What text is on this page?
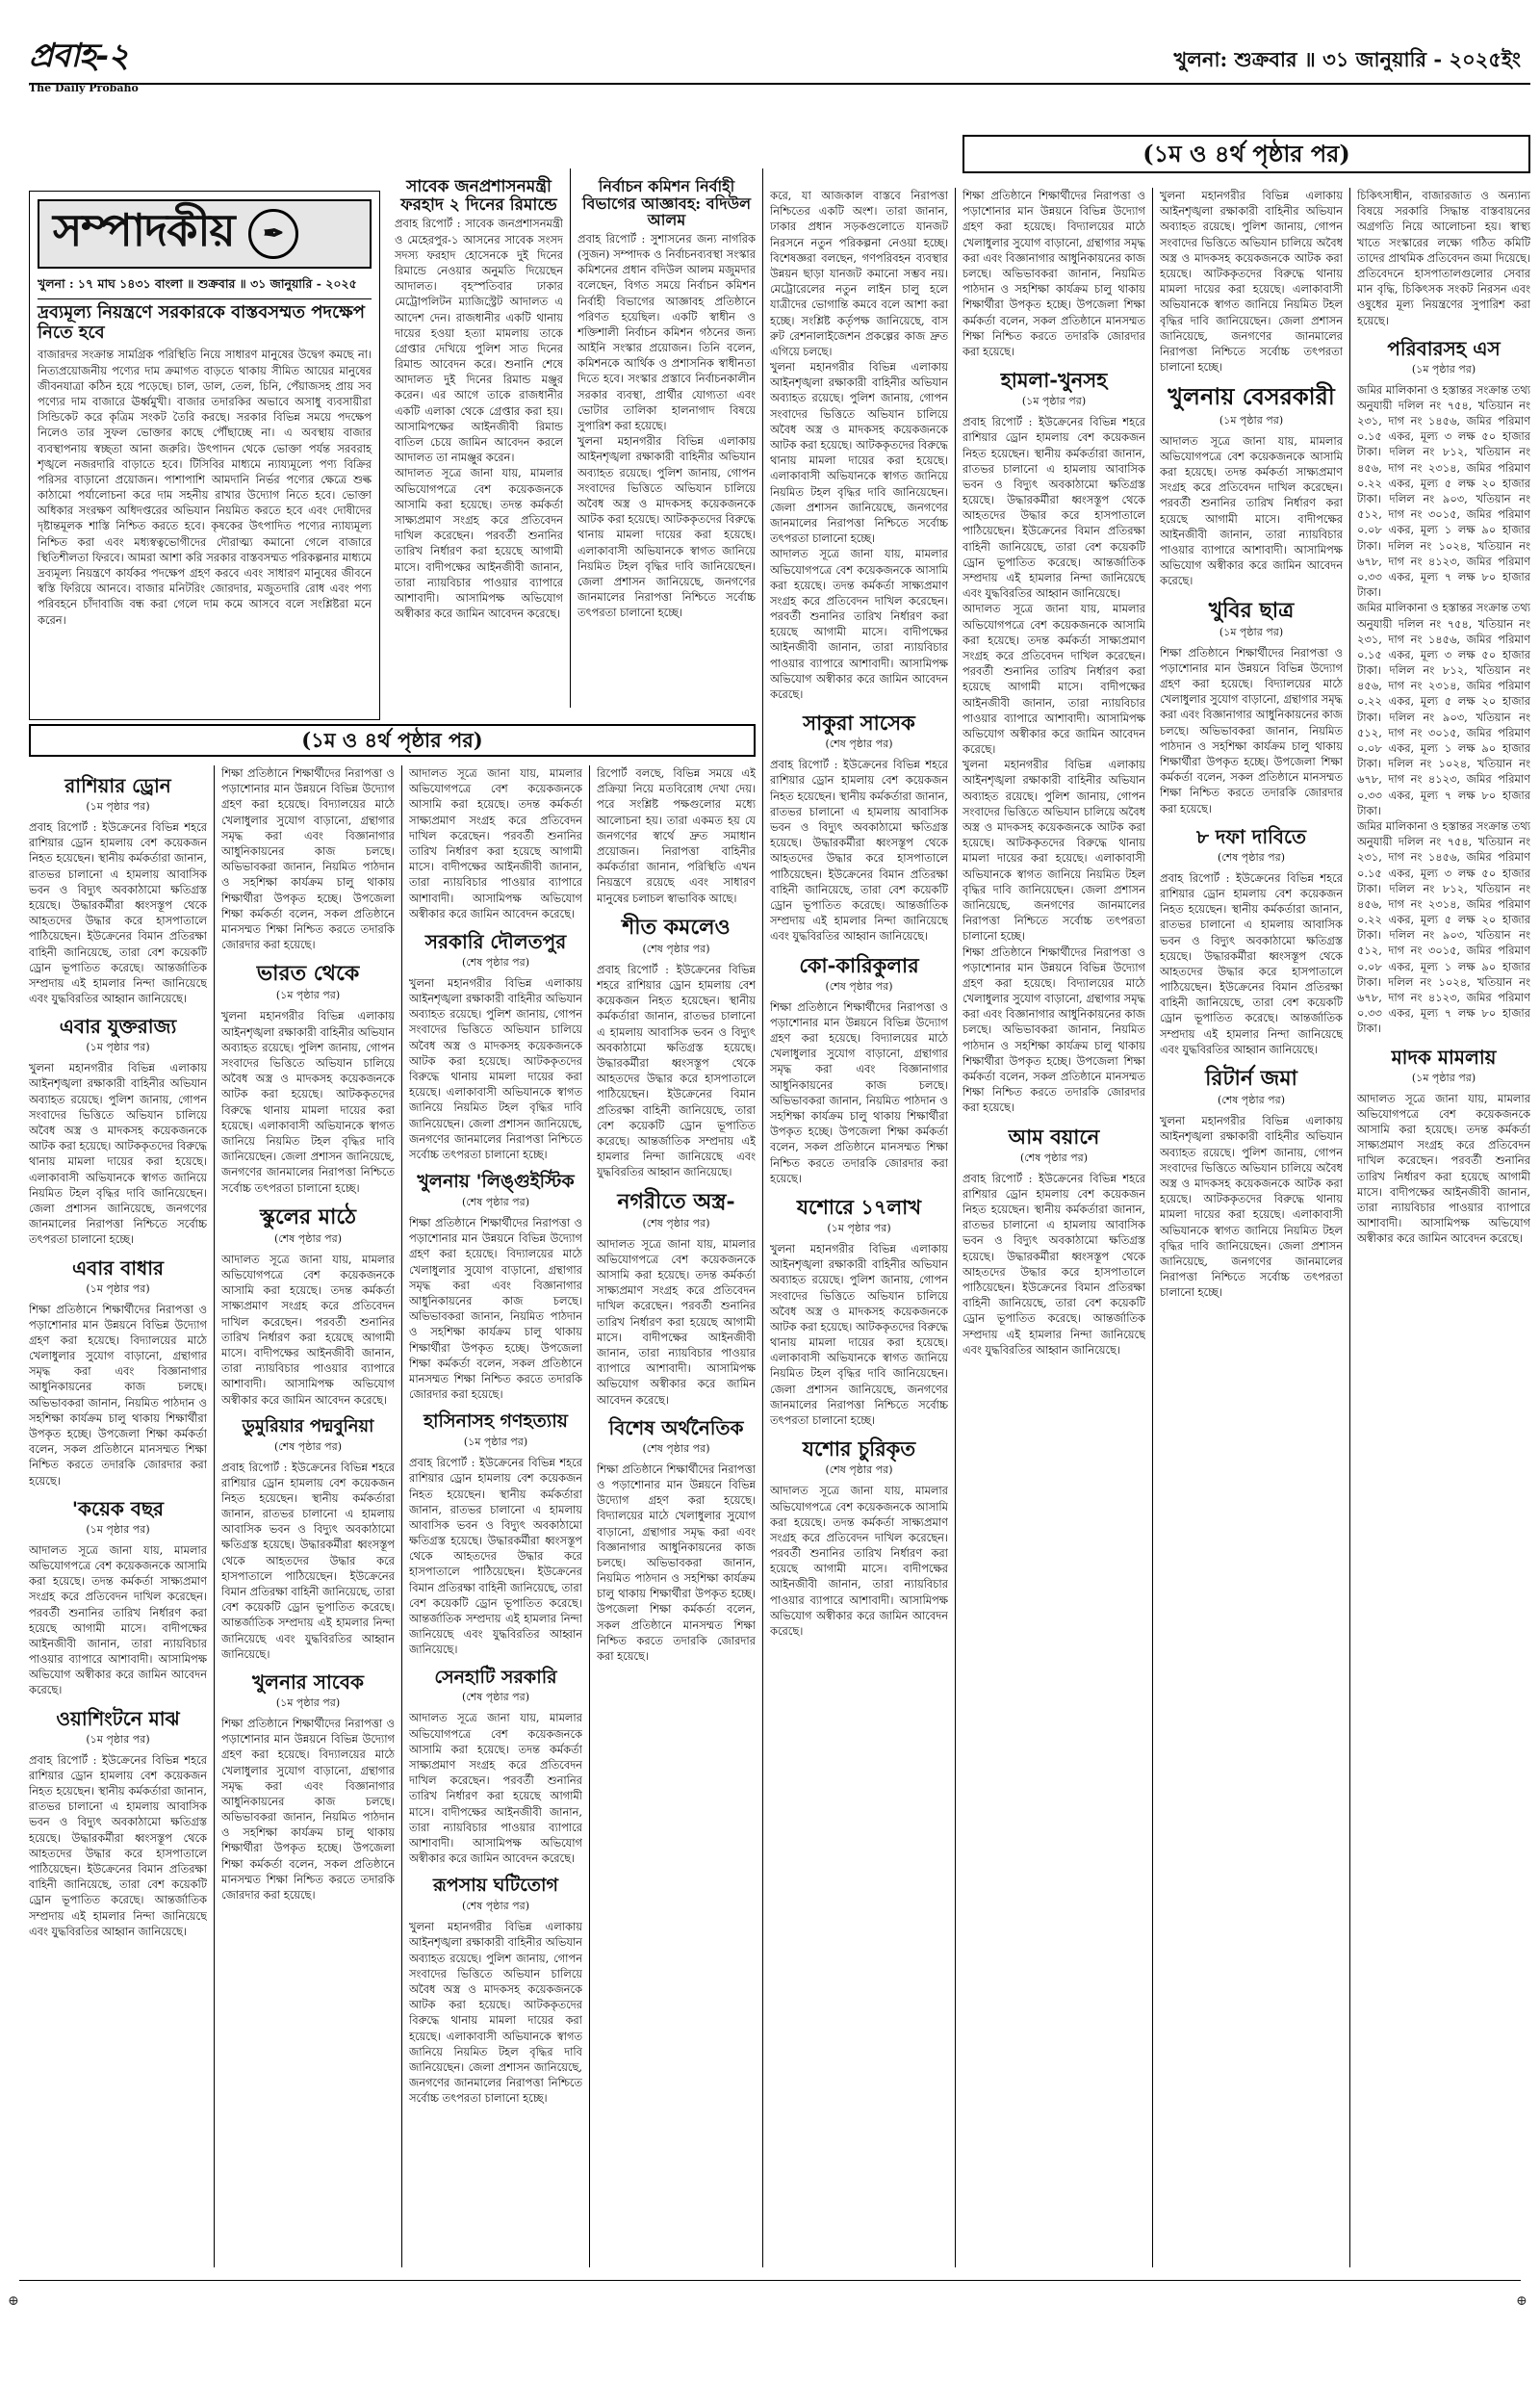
প্রবাহ-২
The Daily Probaho
খুলনা: শুক্রবার ॥ ৩১ জানুয়ারি - ২০২৫ইং
(১ম ও ৪র্থ পৃষ্ঠার পর)
সম্পাদকীয়	✒
খুলনা : ১৭ মাঘ ১৪৩১ বাংলা ॥ শুক্রবার ॥ ৩১ জানুয়ারি - ২০২৫
দ্রব্যমূল্য নিয়ন্ত্রণে সরকারকে বাস্তবসম্মত পদক্ষেপ নিতে হবে
বাজারদর সংক্রান্ত সামগ্রিক পরিস্থিতি নিয়ে সাধারণ মানুষের উদ্বেগ কমছে না। নিত্যপ্রয়োজনীয় পণ্যের দাম ক্রমাগত বাড়তে থাকায় সীমিত আয়ের মানুষের জীবনযাত্রা কঠিন হয়ে পড়েছে। চাল, ডাল, তেল, চিনি, পেঁয়াজসহ প্রায় সব পণ্যের দাম বাজারে ঊর্ধ্বমুখী। বাজার তদারকির অভাবে অসাধু ব্যবসায়ীরা সিন্ডিকেট করে কৃত্রিম সংকট তৈরি করছে। সরকার বিভিন্ন সময়ে পদক্ষেপ নিলেও তার সুফল ভোক্তার কাছে পৌঁছাচ্ছে না। এ অবস্থায় বাজার ব্যবস্থাপনায় স্বচ্ছতা আনা জরুরি। উৎপাদন থেকে ভোক্তা পর্যন্ত সরবরাহ শৃঙ্খলে নজরদারি বাড়াতে হবে। টিসিবির মাধ্যমে ন্যায্যমূল্যে পণ্য বিক্রির পরিসর বাড়ানো প্রয়োজন। পাশাপাশি আমদানি নির্ভর পণ্যের ক্ষেত্রে শুল্ক কাঠামো পর্যালোচনা করে দাম সহনীয় রাখার উদ্যোগ নিতে হবে। ভোক্তা অধিকার সংরক্ষণ অধিদপ্তরের অভিযান নিয়মিত করতে হবে এবং দোষীদের দৃষ্টান্তমূলক শাস্তি নিশ্চিত করতে হবে। কৃষকের উৎপাদিত পণ্যের ন্যায্যমূল্য নিশ্চিত করা এবং মধ্যস্বত্বভোগীদের দৌরাত্ম্য কমানো গেলে বাজারে স্থিতিশীলতা ফিরবে। আমরা আশা করি সরকার বাস্তবসম্মত পরিকল্পনার মাধ্যমে দ্রব্যমূল্য নিয়ন্ত্রণে কার্যকর পদক্ষেপ গ্রহণ করবে এবং সাধারণ মানুষের জীবনে স্বস্তি ফিরিয়ে আনবে। বাজার মনিটরিং জোরদার, মজুতদারি রোধ এবং পণ্য পরিবহনে চাঁদাবাজি বন্ধ করা গেলে দাম কমে আসবে বলে সংশ্লিষ্টরা মনে করেন।
সাবেক জনপ্রশাসনমন্ত্রী ফরহাদ ২ দিনের রিমান্ডে
প্রবাহ রিপোর্ট : সাবেক জনপ্রশাসনমন্ত্রী ও মেহেরপুর-১ আসনের সাবেক সংসদ সদস্য ফরহাদ হোসেনকে দুই দিনের রিমান্ডে নেওয়ার অনুমতি দিয়েছেন আদালত। বৃহস্পতিবার ঢাকার মেট্রোপলিটন ম্যাজিস্ট্রেট আদালত এ আদেশ দেন। রাজধানীর একটি থানায় দায়ের হওয়া হত্যা মামলায় তাকে গ্রেপ্তার দেখিয়ে পুলিশ সাত দিনের রিমান্ড আবেদন করে। শুনানি শেষে আদালত দুই দিনের রিমান্ড মঞ্জুর করেন। এর আগে তাকে রাজধানীর একটি এলাকা থেকে গ্রেপ্তার করা হয়। আসামিপক্ষের আইনজীবী রিমান্ড বাতিল চেয়ে জামিন আবেদন করলে আদালত তা নামঞ্জুর করেন।
আদালত সূত্রে জানা যায়, মামলার অভিযোগপত্রে বেশ কয়েকজনকে আসামি করা হয়েছে। তদন্ত কর্মকর্তা সাক্ষ্যপ্রমাণ সংগ্রহ করে প্রতিবেদন দাখিল করেছেন। পরবর্তী শুনানির তারিখ নির্ধারণ করা হয়েছে আগামী মাসে। বাদীপক্ষের আইনজীবী জানান, তারা ন্যায়বিচার পাওয়ার ব্যাপারে আশাবাদী। আসামিপক্ষ অভিযোগ অস্বীকার করে জামিন আবেদন করেছে।
নির্বাচন কমিশন নির্বাহী বিভাগের আজ্ঞাবহ: বদিউল আলম
প্রবাহ রিপোর্ট : সুশাসনের জন্য নাগরিক (সুজন) সম্পাদক ও নির্বাচনব্যবস্থা সংস্কার কমিশনের প্রধান বদিউল আলম মজুমদার বলেছেন, বিগত সময়ে নির্বাচন কমিশন নির্বাহী বিভাগের আজ্ঞাবহ প্রতিষ্ঠানে পরিণত হয়েছিল। একটি স্বাধীন ও শক্তিশালী নির্বাচন কমিশন গঠনের জন্য আইনি সংস্কার প্রয়োজন। তিনি বলেন, কমিশনকে আর্থিক ও প্রশাসনিক স্বাধীনতা দিতে হবে। সংস্কার প্রস্তাবে নির্বাচনকালীন সরকার ব্যবস্থা, প্রার্থীর যোগ্যতা এবং ভোটার তালিকা হালনাগাদ বিষয়ে সুপারিশ করা হয়েছে।
খুলনা মহানগরীর বিভিন্ন এলাকায় আইনশৃঙ্খলা রক্ষাকারী বাহিনীর অভিযান অব্যাহত রয়েছে। পুলিশ জানায়, গোপন সংবাদের ভিত্তিতে অভিযান চালিয়ে অবৈধ অস্ত্র ও মাদকসহ কয়েকজনকে আটক করা হয়েছে। আটককৃতদের বিরুদ্ধে থানায় মামলা দায়ের করা হয়েছে। এলাকাবাসী অভিযানকে স্বাগত জানিয়ে নিয়মিত টহল বৃদ্ধির দাবি জানিয়েছেন। জেলা প্রশাসন জানিয়েছে, জনগণের জানমালের নিরাপত্তা নিশ্চিতে সর্বোচ্চ তৎপরতা চালানো হচ্ছে।
(১ম ও ৪র্থ পৃষ্ঠার পর)
রাশিয়ার ড্রোন
(১ম পৃষ্ঠার পর)
প্রবাহ রিপোর্ট : ইউক্রেনের বিভিন্ন শহরে রাশিয়ার ড্রোন হামলায় বেশ কয়েকজন নিহত হয়েছেন। স্থানীয় কর্মকর্তারা জানান, রাতভর চালানো এ হামলায় আবাসিক ভবন ও বিদ্যুৎ অবকাঠামো ক্ষতিগ্রস্ত হয়েছে। উদ্ধারকর্মীরা ধ্বংসস্তূপ থেকে আহতদের উদ্ধার করে হাসপাতালে পাঠিয়েছেন। ইউক্রেনের বিমান প্রতিরক্ষা বাহিনী জানিয়েছে, তারা বেশ কয়েকটি ড্রোন ভূপাতিত করেছে। আন্তর্জাতিক সম্প্রদায় এই হামলার নিন্দা জানিয়েছে এবং যুদ্ধবিরতির আহ্বান জানিয়েছে।
এবার যুক্তরাজ্য
(১ম পৃষ্ঠার পর)
খুলনা মহানগরীর বিভিন্ন এলাকায় আইনশৃঙ্খলা রক্ষাকারী বাহিনীর অভিযান অব্যাহত রয়েছে। পুলিশ জানায়, গোপন সংবাদের ভিত্তিতে অভিযান চালিয়ে অবৈধ অস্ত্র ও মাদকসহ কয়েকজনকে আটক করা হয়েছে। আটককৃতদের বিরুদ্ধে থানায় মামলা দায়ের করা হয়েছে। এলাকাবাসী অভিযানকে স্বাগত জানিয়ে নিয়মিত টহল বৃদ্ধির দাবি জানিয়েছেন। জেলা প্রশাসন জানিয়েছে, জনগণের জানমালের নিরাপত্তা নিশ্চিতে সর্বোচ্চ তৎপরতা চালানো হচ্ছে।
এবার বাধার
(১ম পৃষ্ঠার পর)
শিক্ষা প্রতিষ্ঠানে শিক্ষার্থীদের নিরাপত্তা ও পড়াশোনার মান উন্নয়নে বিভিন্ন উদ্যোগ গ্রহণ করা হয়েছে। বিদ্যালয়ের মাঠে খেলাধুলার সুযোগ বাড়ানো, গ্রন্থাগার সমৃদ্ধ করা এবং বিজ্ঞানাগার আধুনিকায়নের কাজ চলছে। অভিভাবকরা জানান, নিয়মিত পাঠদান ও সহশিক্ষা কার্যক্রম চালু থাকায় শিক্ষার্থীরা উপকৃত হচ্ছে। উপজেলা শিক্ষা কর্মকর্তা বলেন, সকল প্রতিষ্ঠানে মানসম্মত শিক্ষা নিশ্চিত করতে তদারকি জোরদার করা হয়েছে।
'কয়েক বছর
(১ম পৃষ্ঠার পর)
আদালত সূত্রে জানা যায়, মামলার অভিযোগপত্রে বেশ কয়েকজনকে আসামি করা হয়েছে। তদন্ত কর্মকর্তা সাক্ষ্যপ্রমাণ সংগ্রহ করে প্রতিবেদন দাখিল করেছেন। পরবর্তী শুনানির তারিখ নির্ধারণ করা হয়েছে আগামী মাসে। বাদীপক্ষের আইনজীবী জানান, তারা ন্যায়বিচার পাওয়ার ব্যাপারে আশাবাদী। আসামিপক্ষ অভিযোগ অস্বীকার করে জামিন আবেদন করেছে।
ওয়াশিংটনে মাঝ
(১ম পৃষ্ঠার পর)
প্রবাহ রিপোর্ট : ইউক্রেনের বিভিন্ন শহরে রাশিয়ার ড্রোন হামলায় বেশ কয়েকজন নিহত হয়েছেন। স্থানীয় কর্মকর্তারা জানান, রাতভর চালানো এ হামলায় আবাসিক ভবন ও বিদ্যুৎ অবকাঠামো ক্ষতিগ্রস্ত হয়েছে। উদ্ধারকর্মীরা ধ্বংসস্তূপ থেকে আহতদের উদ্ধার করে হাসপাতালে পাঠিয়েছেন। ইউক্রেনের বিমান প্রতিরক্ষা বাহিনী জানিয়েছে, তারা বেশ কয়েকটি ড্রোন ভূপাতিত করেছে। আন্তর্জাতিক সম্প্রদায় এই হামলার নিন্দা জানিয়েছে এবং যুদ্ধবিরতির আহ্বান জানিয়েছে।
শিক্ষা প্রতিষ্ঠানে শিক্ষার্থীদের নিরাপত্তা ও পড়াশোনার মান উন্নয়নে বিভিন্ন উদ্যোগ গ্রহণ করা হয়েছে। বিদ্যালয়ের মাঠে খেলাধুলার সুযোগ বাড়ানো, গ্রন্থাগার সমৃদ্ধ করা এবং বিজ্ঞানাগার আধুনিকায়নের কাজ চলছে। অভিভাবকরা জানান, নিয়মিত পাঠদান ও সহশিক্ষা কার্যক্রম চালু থাকায় শিক্ষার্থীরা উপকৃত হচ্ছে। উপজেলা শিক্ষা কর্মকর্তা বলেন, সকল প্রতিষ্ঠানে মানসম্মত শিক্ষা নিশ্চিত করতে তদারকি জোরদার করা হয়েছে।
ভারত থেকে
(১ম পৃষ্ঠার পর)
খুলনা মহানগরীর বিভিন্ন এলাকায় আইনশৃঙ্খলা রক্ষাকারী বাহিনীর অভিযান অব্যাহত রয়েছে। পুলিশ জানায়, গোপন সংবাদের ভিত্তিতে অভিযান চালিয়ে অবৈধ অস্ত্র ও মাদকসহ কয়েকজনকে আটক করা হয়েছে। আটককৃতদের বিরুদ্ধে থানায় মামলা দায়ের করা হয়েছে। এলাকাবাসী অভিযানকে স্বাগত জানিয়ে নিয়মিত টহল বৃদ্ধির দাবি জানিয়েছেন। জেলা প্রশাসন জানিয়েছে, জনগণের জানমালের নিরাপত্তা নিশ্চিতে সর্বোচ্চ তৎপরতা চালানো হচ্ছে।
স্কুলের মাঠে
(শেষ পৃষ্ঠার পর)
আদালত সূত্রে জানা যায়, মামলার অভিযোগপত্রে বেশ কয়েকজনকে আসামি করা হয়েছে। তদন্ত কর্মকর্তা সাক্ষ্যপ্রমাণ সংগ্রহ করে প্রতিবেদন দাখিল করেছেন। পরবর্তী শুনানির তারিখ নির্ধারণ করা হয়েছে আগামী মাসে। বাদীপক্ষের আইনজীবী জানান, তারা ন্যায়বিচার পাওয়ার ব্যাপারে আশাবাদী। আসামিপক্ষ অভিযোগ অস্বীকার করে জামিন আবেদন করেছে।
ডুমুরিয়ার পদ্মবুনিয়া
(শেষ পৃষ্ঠার পর)
প্রবাহ রিপোর্ট : ইউক্রেনের বিভিন্ন শহরে রাশিয়ার ড্রোন হামলায় বেশ কয়েকজন নিহত হয়েছেন। স্থানীয় কর্মকর্তারা জানান, রাতভর চালানো এ হামলায় আবাসিক ভবন ও বিদ্যুৎ অবকাঠামো ক্ষতিগ্রস্ত হয়েছে। উদ্ধারকর্মীরা ধ্বংসস্তূপ থেকে আহতদের উদ্ধার করে হাসপাতালে পাঠিয়েছেন। ইউক্রেনের বিমান প্রতিরক্ষা বাহিনী জানিয়েছে, তারা বেশ কয়েকটি ড্রোন ভূপাতিত করেছে। আন্তর্জাতিক সম্প্রদায় এই হামলার নিন্দা জানিয়েছে এবং যুদ্ধবিরতির আহ্বান জানিয়েছে।
খুলনার সাবেক
(১ম পৃষ্ঠার পর)
শিক্ষা প্রতিষ্ঠানে শিক্ষার্থীদের নিরাপত্তা ও পড়াশোনার মান উন্নয়নে বিভিন্ন উদ্যোগ গ্রহণ করা হয়েছে। বিদ্যালয়ের মাঠে খেলাধুলার সুযোগ বাড়ানো, গ্রন্থাগার সমৃদ্ধ করা এবং বিজ্ঞানাগার আধুনিকায়নের কাজ চলছে। অভিভাবকরা জানান, নিয়মিত পাঠদান ও সহশিক্ষা কার্যক্রম চালু থাকায় শিক্ষার্থীরা উপকৃত হচ্ছে। উপজেলা শিক্ষা কর্মকর্তা বলেন, সকল প্রতিষ্ঠানে মানসম্মত শিক্ষা নিশ্চিত করতে তদারকি জোরদার করা হয়েছে।
আদালত সূত্রে জানা যায়, মামলার অভিযোগপত্রে বেশ কয়েকজনকে আসামি করা হয়েছে। তদন্ত কর্মকর্তা সাক্ষ্যপ্রমাণ সংগ্রহ করে প্রতিবেদন দাখিল করেছেন। পরবর্তী শুনানির তারিখ নির্ধারণ করা হয়েছে আগামী মাসে। বাদীপক্ষের আইনজীবী জানান, তারা ন্যায়বিচার পাওয়ার ব্যাপারে আশাবাদী। আসামিপক্ষ অভিযোগ অস্বীকার করে জামিন আবেদন করেছে।
সরকারি দৌলতপুর
(শেষ পৃষ্ঠার পর)
খুলনা মহানগরীর বিভিন্ন এলাকায় আইনশৃঙ্খলা রক্ষাকারী বাহিনীর অভিযান অব্যাহত রয়েছে। পুলিশ জানায়, গোপন সংবাদের ভিত্তিতে অভিযান চালিয়ে অবৈধ অস্ত্র ও মাদকসহ কয়েকজনকে আটক করা হয়েছে। আটককৃতদের বিরুদ্ধে থানায় মামলা দায়ের করা হয়েছে। এলাকাবাসী অভিযানকে স্বাগত জানিয়ে নিয়মিত টহল বৃদ্ধির দাবি জানিয়েছেন। জেলা প্রশাসন জানিয়েছে, জনগণের জানমালের নিরাপত্তা নিশ্চিতে সর্বোচ্চ তৎপরতা চালানো হচ্ছে।
খুলনায় 'লিঙ্গুইস্টিক
(শেষ পৃষ্ঠার পর)
শিক্ষা প্রতিষ্ঠানে শিক্ষার্থীদের নিরাপত্তা ও পড়াশোনার মান উন্নয়নে বিভিন্ন উদ্যোগ গ্রহণ করা হয়েছে। বিদ্যালয়ের মাঠে খেলাধুলার সুযোগ বাড়ানো, গ্রন্থাগার সমৃদ্ধ করা এবং বিজ্ঞানাগার আধুনিকায়নের কাজ চলছে। অভিভাবকরা জানান, নিয়মিত পাঠদান ও সহশিক্ষা কার্যক্রম চালু থাকায় শিক্ষার্থীরা উপকৃত হচ্ছে। উপজেলা শিক্ষা কর্মকর্তা বলেন, সকল প্রতিষ্ঠানে মানসম্মত শিক্ষা নিশ্চিত করতে তদারকি জোরদার করা হয়েছে।
হাসিনাসহ গণহত্যায়
(১ম পৃষ্ঠার পর)
প্রবাহ রিপোর্ট : ইউক্রেনের বিভিন্ন শহরে রাশিয়ার ড্রোন হামলায় বেশ কয়েকজন নিহত হয়েছেন। স্থানীয় কর্মকর্তারা জানান, রাতভর চালানো এ হামলায় আবাসিক ভবন ও বিদ্যুৎ অবকাঠামো ক্ষতিগ্রস্ত হয়েছে। উদ্ধারকর্মীরা ধ্বংসস্তূপ থেকে আহতদের উদ্ধার করে হাসপাতালে পাঠিয়েছেন। ইউক্রেনের বিমান প্রতিরক্ষা বাহিনী জানিয়েছে, তারা বেশ কয়েকটি ড্রোন ভূপাতিত করেছে। আন্তর্জাতিক সম্প্রদায় এই হামলার নিন্দা জানিয়েছে এবং যুদ্ধবিরতির আহ্বান জানিয়েছে।
সেনহাটি সরকারি
(শেষ পৃষ্ঠার পর)
আদালত সূত্রে জানা যায়, মামলার অভিযোগপত্রে বেশ কয়েকজনকে আসামি করা হয়েছে। তদন্ত কর্মকর্তা সাক্ষ্যপ্রমাণ সংগ্রহ করে প্রতিবেদন দাখিল করেছেন। পরবর্তী শুনানির তারিখ নির্ধারণ করা হয়েছে আগামী মাসে। বাদীপক্ষের আইনজীবী জানান, তারা ন্যায়বিচার পাওয়ার ব্যাপারে আশাবাদী। আসামিপক্ষ অভিযোগ অস্বীকার করে জামিন আবেদন করেছে।
রূপসায় ঘটিতোগ
(শেষ পৃষ্ঠার পর)
খুলনা মহানগরীর বিভিন্ন এলাকায় আইনশৃঙ্খলা রক্ষাকারী বাহিনীর অভিযান অব্যাহত রয়েছে। পুলিশ জানায়, গোপন সংবাদের ভিত্তিতে অভিযান চালিয়ে অবৈধ অস্ত্র ও মাদকসহ কয়েকজনকে আটক করা হয়েছে। আটককৃতদের বিরুদ্ধে থানায় মামলা দায়ের করা হয়েছে। এলাকাবাসী অভিযানকে স্বাগত জানিয়ে নিয়মিত টহল বৃদ্ধির দাবি জানিয়েছেন। জেলা প্রশাসন জানিয়েছে, জনগণের জানমালের নিরাপত্তা নিশ্চিতে সর্বোচ্চ তৎপরতা চালানো হচ্ছে।
রিপোর্ট বলছে, বিভিন্ন সময়ে এই প্রক্রিয়া নিয়ে মতবিরোধ দেখা দেয়। পরে সংশ্লিষ্ট পক্ষগুলোর মধ্যে আলোচনা হয়। তারা একমত হয় যে জনগণের স্বার্থে দ্রুত সমাধান প্রয়োজন। নিরাপত্তা বাহিনীর কর্মকর্তারা জানান, পরিস্থিতি এখন নিয়ন্ত্রণে রয়েছে এবং সাধারণ মানুষের চলাচল স্বাভাবিক আছে।
শীত কমলেও
(শেষ পৃষ্ঠার পর)
প্রবাহ রিপোর্ট : ইউক্রেনের বিভিন্ন শহরে রাশিয়ার ড্রোন হামলায় বেশ কয়েকজন নিহত হয়েছেন। স্থানীয় কর্মকর্তারা জানান, রাতভর চালানো এ হামলায় আবাসিক ভবন ও বিদ্যুৎ অবকাঠামো ক্ষতিগ্রস্ত হয়েছে। উদ্ধারকর্মীরা ধ্বংসস্তূপ থেকে আহতদের উদ্ধার করে হাসপাতালে পাঠিয়েছেন। ইউক্রেনের বিমান প্রতিরক্ষা বাহিনী জানিয়েছে, তারা বেশ কয়েকটি ড্রোন ভূপাতিত করেছে। আন্তর্জাতিক সম্প্রদায় এই হামলার নিন্দা জানিয়েছে এবং যুদ্ধবিরতির আহ্বান জানিয়েছে।
নগরীতে অস্ত্র-
(শেষ পৃষ্ঠার পর)
আদালত সূত্রে জানা যায়, মামলার অভিযোগপত্রে বেশ কয়েকজনকে আসামি করা হয়েছে। তদন্ত কর্মকর্তা সাক্ষ্যপ্রমাণ সংগ্রহ করে প্রতিবেদন দাখিল করেছেন। পরবর্তী শুনানির তারিখ নির্ধারণ করা হয়েছে আগামী মাসে। বাদীপক্ষের আইনজীবী জানান, তারা ন্যায়বিচার পাওয়ার ব্যাপারে আশাবাদী। আসামিপক্ষ অভিযোগ অস্বীকার করে জামিন আবেদন করেছে।
বিশেষ অর্থনৈতিক
(শেষ পৃষ্ঠার পর)
শিক্ষা প্রতিষ্ঠানে শিক্ষার্থীদের নিরাপত্তা ও পড়াশোনার মান উন্নয়নে বিভিন্ন উদ্যোগ গ্রহণ করা হয়েছে। বিদ্যালয়ের মাঠে খেলাধুলার সুযোগ বাড়ানো, গ্রন্থাগার সমৃদ্ধ করা এবং বিজ্ঞানাগার আধুনিকায়নের কাজ চলছে। অভিভাবকরা জানান, নিয়মিত পাঠদান ও সহশিক্ষা কার্যক্রম চালু থাকায় শিক্ষার্থীরা উপকৃত হচ্ছে। উপজেলা শিক্ষা কর্মকর্তা বলেন, সকল প্রতিষ্ঠানে মানসম্মত শিক্ষা নিশ্চিত করতে তদারকি জোরদার করা হয়েছে।
করে, যা আজকাল বাস্তবে নিরাপত্তা নিশ্চিতের একটি অংশ। তারা জানান, ঢাকার প্রধান সড়কগুলোতে যানজট নিরসনে নতুন পরিকল্পনা নেওয়া হচ্ছে। বিশেষজ্ঞরা বলছেন, গণপরিবহন ব্যবস্থার উন্নয়ন ছাড়া যানজট কমানো সম্ভব নয়। মেট্রোরেলের নতুন লাইন চালু হলে যাত্রীদের ভোগান্তি কমবে বলে আশা করা হচ্ছে। সংশ্লিষ্ট কর্তৃপক্ষ জানিয়েছে, বাস রুট রেশনালাইজেশন প্রকল্পের কাজ দ্রুত এগিয়ে চলছে।
খুলনা মহানগরীর বিভিন্ন এলাকায় আইনশৃঙ্খলা রক্ষাকারী বাহিনীর অভিযান অব্যাহত রয়েছে। পুলিশ জানায়, গোপন সংবাদের ভিত্তিতে অভিযান চালিয়ে অবৈধ অস্ত্র ও মাদকসহ কয়েকজনকে আটক করা হয়েছে। আটককৃতদের বিরুদ্ধে থানায় মামলা দায়ের করা হয়েছে। এলাকাবাসী অভিযানকে স্বাগত জানিয়ে নিয়মিত টহল বৃদ্ধির দাবি জানিয়েছেন। জেলা প্রশাসন জানিয়েছে, জনগণের জানমালের নিরাপত্তা নিশ্চিতে সর্বোচ্চ তৎপরতা চালানো হচ্ছে।
আদালত সূত্রে জানা যায়, মামলার অভিযোগপত্রে বেশ কয়েকজনকে আসামি করা হয়েছে। তদন্ত কর্মকর্তা সাক্ষ্যপ্রমাণ সংগ্রহ করে প্রতিবেদন দাখিল করেছেন। পরবর্তী শুনানির তারিখ নির্ধারণ করা হয়েছে আগামী মাসে। বাদীপক্ষের আইনজীবী জানান, তারা ন্যায়বিচার পাওয়ার ব্যাপারে আশাবাদী। আসামিপক্ষ অভিযোগ অস্বীকার করে জামিন আবেদন করেছে।
সাকুরা সাসেক
(শেষ পৃষ্ঠার পর)
প্রবাহ রিপোর্ট : ইউক্রেনের বিভিন্ন শহরে রাশিয়ার ড্রোন হামলায় বেশ কয়েকজন নিহত হয়েছেন। স্থানীয় কর্মকর্তারা জানান, রাতভর চালানো এ হামলায় আবাসিক ভবন ও বিদ্যুৎ অবকাঠামো ক্ষতিগ্রস্ত হয়েছে। উদ্ধারকর্মীরা ধ্বংসস্তূপ থেকে আহতদের উদ্ধার করে হাসপাতালে পাঠিয়েছেন। ইউক্রেনের বিমান প্রতিরক্ষা বাহিনী জানিয়েছে, তারা বেশ কয়েকটি ড্রোন ভূপাতিত করেছে। আন্তর্জাতিক সম্প্রদায় এই হামলার নিন্দা জানিয়েছে এবং যুদ্ধবিরতির আহ্বান জানিয়েছে।
কো-কারিকুলার
(শেষ পৃষ্ঠার পর)
শিক্ষা প্রতিষ্ঠানে শিক্ষার্থীদের নিরাপত্তা ও পড়াশোনার মান উন্নয়নে বিভিন্ন উদ্যোগ গ্রহণ করা হয়েছে। বিদ্যালয়ের মাঠে খেলাধুলার সুযোগ বাড়ানো, গ্রন্থাগার সমৃদ্ধ করা এবং বিজ্ঞানাগার আধুনিকায়নের কাজ চলছে। অভিভাবকরা জানান, নিয়মিত পাঠদান ও সহশিক্ষা কার্যক্রম চালু থাকায় শিক্ষার্থীরা উপকৃত হচ্ছে। উপজেলা শিক্ষা কর্মকর্তা বলেন, সকল প্রতিষ্ঠানে মানসম্মত শিক্ষা নিশ্চিত করতে তদারকি জোরদার করা হয়েছে।
যশোরে ১৭লাখ
(১ম পৃষ্ঠার পর)
খুলনা মহানগরীর বিভিন্ন এলাকায় আইনশৃঙ্খলা রক্ষাকারী বাহিনীর অভিযান অব্যাহত রয়েছে। পুলিশ জানায়, গোপন সংবাদের ভিত্তিতে অভিযান চালিয়ে অবৈধ অস্ত্র ও মাদকসহ কয়েকজনকে আটক করা হয়েছে। আটককৃতদের বিরুদ্ধে থানায় মামলা দায়ের করা হয়েছে। এলাকাবাসী অভিযানকে স্বাগত জানিয়ে নিয়মিত টহল বৃদ্ধির দাবি জানিয়েছেন। জেলা প্রশাসন জানিয়েছে, জনগণের জানমালের নিরাপত্তা নিশ্চিতে সর্বোচ্চ তৎপরতা চালানো হচ্ছে।
যশোর চুরিকৃত
(শেষ পৃষ্ঠার পর)
আদালত সূত্রে জানা যায়, মামলার অভিযোগপত্রে বেশ কয়েকজনকে আসামি করা হয়েছে। তদন্ত কর্মকর্তা সাক্ষ্যপ্রমাণ সংগ্রহ করে প্রতিবেদন দাখিল করেছেন। পরবর্তী শুনানির তারিখ নির্ধারণ করা হয়েছে আগামী মাসে। বাদীপক্ষের আইনজীবী জানান, তারা ন্যায়বিচার পাওয়ার ব্যাপারে আশাবাদী। আসামিপক্ষ অভিযোগ অস্বীকার করে জামিন আবেদন করেছে।
শিক্ষা প্রতিষ্ঠানে শিক্ষার্থীদের নিরাপত্তা ও পড়াশোনার মান উন্নয়নে বিভিন্ন উদ্যোগ গ্রহণ করা হয়েছে। বিদ্যালয়ের মাঠে খেলাধুলার সুযোগ বাড়ানো, গ্রন্থাগার সমৃদ্ধ করা এবং বিজ্ঞানাগার আধুনিকায়নের কাজ চলছে। অভিভাবকরা জানান, নিয়মিত পাঠদান ও সহশিক্ষা কার্যক্রম চালু থাকায় শিক্ষার্থীরা উপকৃত হচ্ছে। উপজেলা শিক্ষা কর্মকর্তা বলেন, সকল প্রতিষ্ঠানে মানসম্মত শিক্ষা নিশ্চিত করতে তদারকি জোরদার করা হয়েছে।
হামলা-খুনসহ
(১ম পৃষ্ঠার পর)
প্রবাহ রিপোর্ট : ইউক্রেনের বিভিন্ন শহরে রাশিয়ার ড্রোন হামলায় বেশ কয়েকজন নিহত হয়েছেন। স্থানীয় কর্মকর্তারা জানান, রাতভর চালানো এ হামলায় আবাসিক ভবন ও বিদ্যুৎ অবকাঠামো ক্ষতিগ্রস্ত হয়েছে। উদ্ধারকর্মীরা ধ্বংসস্তূপ থেকে আহতদের উদ্ধার করে হাসপাতালে পাঠিয়েছেন। ইউক্রেনের বিমান প্রতিরক্ষা বাহিনী জানিয়েছে, তারা বেশ কয়েকটি ড্রোন ভূপাতিত করেছে। আন্তর্জাতিক সম্প্রদায় এই হামলার নিন্দা জানিয়েছে এবং যুদ্ধবিরতির আহ্বান জানিয়েছে।
আদালত সূত্রে জানা যায়, মামলার অভিযোগপত্রে বেশ কয়েকজনকে আসামি করা হয়েছে। তদন্ত কর্মকর্তা সাক্ষ্যপ্রমাণ সংগ্রহ করে প্রতিবেদন দাখিল করেছেন। পরবর্তী শুনানির তারিখ নির্ধারণ করা হয়েছে আগামী মাসে। বাদীপক্ষের আইনজীবী জানান, তারা ন্যায়বিচার পাওয়ার ব্যাপারে আশাবাদী। আসামিপক্ষ অভিযোগ অস্বীকার করে জামিন আবেদন করেছে।
খুলনা মহানগরীর বিভিন্ন এলাকায় আইনশৃঙ্খলা রক্ষাকারী বাহিনীর অভিযান অব্যাহত রয়েছে। পুলিশ জানায়, গোপন সংবাদের ভিত্তিতে অভিযান চালিয়ে অবৈধ অস্ত্র ও মাদকসহ কয়েকজনকে আটক করা হয়েছে। আটককৃতদের বিরুদ্ধে থানায় মামলা দায়ের করা হয়েছে। এলাকাবাসী অভিযানকে স্বাগত জানিয়ে নিয়মিত টহল বৃদ্ধির দাবি জানিয়েছেন। জেলা প্রশাসন জানিয়েছে, জনগণের জানমালের নিরাপত্তা নিশ্চিতে সর্বোচ্চ তৎপরতা চালানো হচ্ছে।
শিক্ষা প্রতিষ্ঠানে শিক্ষার্থীদের নিরাপত্তা ও পড়াশোনার মান উন্নয়নে বিভিন্ন উদ্যোগ গ্রহণ করা হয়েছে। বিদ্যালয়ের মাঠে খেলাধুলার সুযোগ বাড়ানো, গ্রন্থাগার সমৃদ্ধ করা এবং বিজ্ঞানাগার আধুনিকায়নের কাজ চলছে। অভিভাবকরা জানান, নিয়মিত পাঠদান ও সহশিক্ষা কার্যক্রম চালু থাকায় শিক্ষার্থীরা উপকৃত হচ্ছে। উপজেলা শিক্ষা কর্মকর্তা বলেন, সকল প্রতিষ্ঠানে মানসম্মত শিক্ষা নিশ্চিত করতে তদারকি জোরদার করা হয়েছে।
আম বয়ানে
(শেষ পৃষ্ঠার পর)
প্রবাহ রিপোর্ট : ইউক্রেনের বিভিন্ন শহরে রাশিয়ার ড্রোন হামলায় বেশ কয়েকজন নিহত হয়েছেন। স্থানীয় কর্মকর্তারা জানান, রাতভর চালানো এ হামলায় আবাসিক ভবন ও বিদ্যুৎ অবকাঠামো ক্ষতিগ্রস্ত হয়েছে। উদ্ধারকর্মীরা ধ্বংসস্তূপ থেকে আহতদের উদ্ধার করে হাসপাতালে পাঠিয়েছেন। ইউক্রেনের বিমান প্রতিরক্ষা বাহিনী জানিয়েছে, তারা বেশ কয়েকটি ড্রোন ভূপাতিত করেছে। আন্তর্জাতিক সম্প্রদায় এই হামলার নিন্দা জানিয়েছে এবং যুদ্ধবিরতির আহ্বান জানিয়েছে।
খুলনা মহানগরীর বিভিন্ন এলাকায় আইনশৃঙ্খলা রক্ষাকারী বাহিনীর অভিযান অব্যাহত রয়েছে। পুলিশ জানায়, গোপন সংবাদের ভিত্তিতে অভিযান চালিয়ে অবৈধ অস্ত্র ও মাদকসহ কয়েকজনকে আটক করা হয়েছে। আটককৃতদের বিরুদ্ধে থানায় মামলা দায়ের করা হয়েছে। এলাকাবাসী অভিযানকে স্বাগত জানিয়ে নিয়মিত টহল বৃদ্ধির দাবি জানিয়েছেন। জেলা প্রশাসন জানিয়েছে, জনগণের জানমালের নিরাপত্তা নিশ্চিতে সর্বোচ্চ তৎপরতা চালানো হচ্ছে।
খুলনায় বেসরকারী
(১ম পৃষ্ঠার পর)
আদালত সূত্রে জানা যায়, মামলার অভিযোগপত্রে বেশ কয়েকজনকে আসামি করা হয়েছে। তদন্ত কর্মকর্তা সাক্ষ্যপ্রমাণ সংগ্রহ করে প্রতিবেদন দাখিল করেছেন। পরবর্তী শুনানির তারিখ নির্ধারণ করা হয়েছে আগামী মাসে। বাদীপক্ষের আইনজীবী জানান, তারা ন্যায়বিচার পাওয়ার ব্যাপারে আশাবাদী। আসামিপক্ষ অভিযোগ অস্বীকার করে জামিন আবেদন করেছে।
খুবির ছাত্র
(১ম পৃষ্ঠার পর)
শিক্ষা প্রতিষ্ঠানে শিক্ষার্থীদের নিরাপত্তা ও পড়াশোনার মান উন্নয়নে বিভিন্ন উদ্যোগ গ্রহণ করা হয়েছে। বিদ্যালয়ের মাঠে খেলাধুলার সুযোগ বাড়ানো, গ্রন্থাগার সমৃদ্ধ করা এবং বিজ্ঞানাগার আধুনিকায়নের কাজ চলছে। অভিভাবকরা জানান, নিয়মিত পাঠদান ও সহশিক্ষা কার্যক্রম চালু থাকায় শিক্ষার্থীরা উপকৃত হচ্ছে। উপজেলা শিক্ষা কর্মকর্তা বলেন, সকল প্রতিষ্ঠানে মানসম্মত শিক্ষা নিশ্চিত করতে তদারকি জোরদার করা হয়েছে।
৮ দফা দাবিতে
(শেষ পৃষ্ঠার পর)
প্রবাহ রিপোর্ট : ইউক্রেনের বিভিন্ন শহরে রাশিয়ার ড্রোন হামলায় বেশ কয়েকজন নিহত হয়েছেন। স্থানীয় কর্মকর্তারা জানান, রাতভর চালানো এ হামলায় আবাসিক ভবন ও বিদ্যুৎ অবকাঠামো ক্ষতিগ্রস্ত হয়েছে। উদ্ধারকর্মীরা ধ্বংসস্তূপ থেকে আহতদের উদ্ধার করে হাসপাতালে পাঠিয়েছেন। ইউক্রেনের বিমান প্রতিরক্ষা বাহিনী জানিয়েছে, তারা বেশ কয়েকটি ড্রোন ভূপাতিত করেছে। আন্তর্জাতিক সম্প্রদায় এই হামলার নিন্দা জানিয়েছে এবং যুদ্ধবিরতির আহ্বান জানিয়েছে।
রিটার্ন জমা
(শেষ পৃষ্ঠার পর)
খুলনা মহানগরীর বিভিন্ন এলাকায় আইনশৃঙ্খলা রক্ষাকারী বাহিনীর অভিযান অব্যাহত রয়েছে। পুলিশ জানায়, গোপন সংবাদের ভিত্তিতে অভিযান চালিয়ে অবৈধ অস্ত্র ও মাদকসহ কয়েকজনকে আটক করা হয়েছে। আটককৃতদের বিরুদ্ধে থানায় মামলা দায়ের করা হয়েছে। এলাকাবাসী অভিযানকে স্বাগত জানিয়ে নিয়মিত টহল বৃদ্ধির দাবি জানিয়েছেন। জেলা প্রশাসন জানিয়েছে, জনগণের জানমালের নিরাপত্তা নিশ্চিতে সর্বোচ্চ তৎপরতা চালানো হচ্ছে।
চিকিৎসাধীন, বাজারজাত ও অন্যান্য বিষয়ে সরকারি সিদ্ধান্ত বাস্তবায়নের অগ্রগতি নিয়ে আলোচনা হয়। স্বাস্থ্য খাতে সংস্কারের লক্ষ্যে গঠিত কমিটি তাদের প্রাথমিক প্রতিবেদন জমা দিয়েছে। প্রতিবেদনে হাসপাতালগুলোর সেবার মান বৃদ্ধি, চিকিৎসক সংকট নিরসন এবং ওষুধের মূল্য নিয়ন্ত্রণের সুপারিশ করা হয়েছে।
পরিবারসহ এস
(১ম পৃষ্ঠার পর)
জমির মালিকানা ও হস্তান্তর সংক্রান্ত তথ্য অনুযায়ী দলিল নং ৭৫৪, খতিয়ান নং ২৩১, দাগ নং ১৪৫৬, জমির পরিমাণ ০.১৫ একর, মূল্য ৩ লক্ষ ৫০ হাজার টাকা। দলিল নং ৮১২, খতিয়ান নং ৪৫৬, দাগ নং ২৩১৪, জমির পরিমাণ ০.২২ একর, মূল্য ৫ লক্ষ ২০ হাজার টাকা। দলিল নং ৯০৩, খতিয়ান নং ৫১২, দাগ নং ৩০১৫, জমির পরিমাণ ০.০৮ একর, মূল্য ১ লক্ষ ৯০ হাজার টাকা। দলিল নং ১০২৪, খতিয়ান নং ৬৭৮, দাগ নং ৪১২৩, জমির পরিমাণ ০.৩৩ একর, মূল্য ৭ লক্ষ ৮০ হাজার টাকা।
জমির মালিকানা ও হস্তান্তর সংক্রান্ত তথ্য অনুযায়ী দলিল নং ৭৫৪, খতিয়ান নং ২৩১, দাগ নং ১৪৫৬, জমির পরিমাণ ০.১৫ একর, মূল্য ৩ লক্ষ ৫০ হাজার টাকা। দলিল নং ৮১২, খতিয়ান নং ৪৫৬, দাগ নং ২৩১৪, জমির পরিমাণ ০.২২ একর, মূল্য ৫ লক্ষ ২০ হাজার টাকা। দলিল নং ৯০৩, খতিয়ান নং ৫১২, দাগ নং ৩০১৫, জমির পরিমাণ ০.০৮ একর, মূল্য ১ লক্ষ ৯০ হাজার টাকা। দলিল নং ১০২৪, খতিয়ান নং ৬৭৮, দাগ নং ৪১২৩, জমির পরিমাণ ০.৩৩ একর, মূল্য ৭ লক্ষ ৮০ হাজার টাকা।
জমির মালিকানা ও হস্তান্তর সংক্রান্ত তথ্য অনুযায়ী দলিল নং ৭৫৪, খতিয়ান নং ২৩১, দাগ নং ১৪৫৬, জমির পরিমাণ ০.১৫ একর, মূল্য ৩ লক্ষ ৫০ হাজার টাকা। দলিল নং ৮১২, খতিয়ান নং ৪৫৬, দাগ নং ২৩১৪, জমির পরিমাণ ০.২২ একর, মূল্য ৫ লক্ষ ২০ হাজার টাকা। দলিল নং ৯০৩, খতিয়ান নং ৫১২, দাগ নং ৩০১৫, জমির পরিমাণ ০.০৮ একর, মূল্য ১ লক্ষ ৯০ হাজার টাকা। দলিল নং ১০২৪, খতিয়ান নং ৬৭৮, দাগ নং ৪১২৩, জমির পরিমাণ ০.৩৩ একর, মূল্য ৭ লক্ষ ৮০ হাজার টাকা।
মাদক মামলায়
(১ম পৃষ্ঠার পর)
আদালত সূত্রে জানা যায়, মামলার অভিযোগপত্রে বেশ কয়েকজনকে আসামি করা হয়েছে। তদন্ত কর্মকর্তা সাক্ষ্যপ্রমাণ সংগ্রহ করে প্রতিবেদন দাখিল করেছেন। পরবর্তী শুনানির তারিখ নির্ধারণ করা হয়েছে আগামী মাসে। বাদীপক্ষের আইনজীবী জানান, তারা ন্যায়বিচার পাওয়ার ব্যাপারে আশাবাদী। আসামিপক্ষ অভিযোগ অস্বীকার করে জামিন আবেদন করেছে।
⊕	⊕
